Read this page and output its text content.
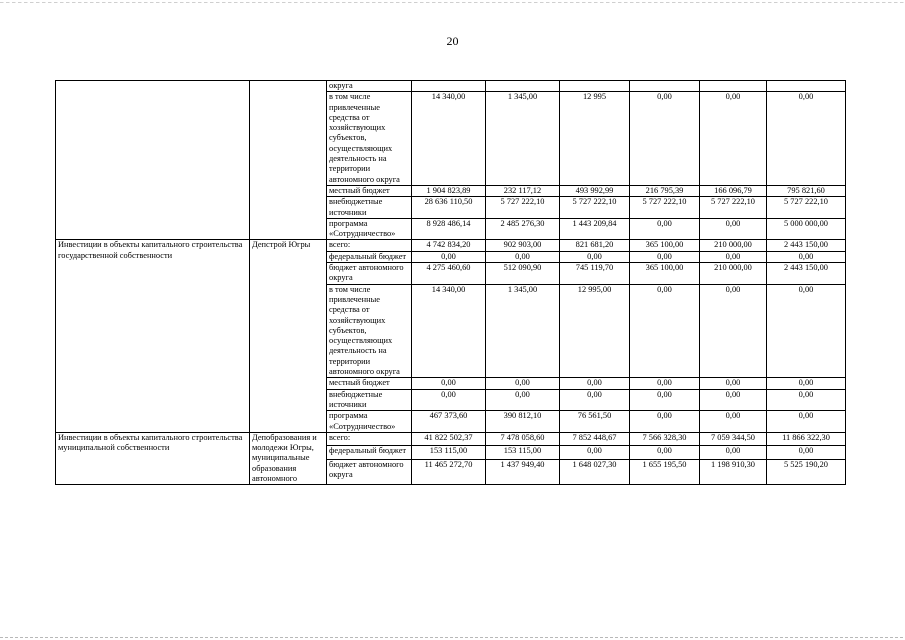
20
		округа						
		в том числе привлеченные средства от хозяйствующих субъектов, осуществляющих деятельность на территории автономного округа	14 340,00	1 345,00	12 995	0,00	0,00	0,00
		местный бюджет	1 904 823,89	232 117,12	493 992,99	216 795,39	166 096,79	795 821,60
		внебюджетные источники	28 636 110,50	5 727 222,10	5 727 222,10	5 727 222,10	5 727 222,10	5 727 222,10
		программа «Сотрудничество»	8 928 486,14	2 485 276,30	1 443 209,84	0,00	0,00	5 000 000,00
Инвестиции в объекты капитального строительства государственной собственности	Депстрой Югры	всего:	4 742 834,20	902 903,00	821 681,20	365 100,00	210 000,00	2 443 150,00
		федеральный бюджет	0,00	0,00	0,00	0,00	0,00	0,00
		бюджет автономного округа	4 275 460,60	512 090,90	745 119,70	365 100,00	210 000,00	2 443 150,00
		в том числе привлеченные средства от хозяйствующих субъектов, осуществляющих деятельность на территории автономного округа	14 340,00	1 345,00	12 995,00	0,00	0,00	0,00
		местный бюджет	0,00	0,00	0,00	0,00	0,00	0,00
		внебюджетные источники	0,00	0,00	0,00	0,00	0,00	0,00
		программа «Сотрудничество»	467 373,60	390 812,10	76 561,50	0,00	0,00	0,00
Инвестиции в объекты капитального строительства муниципальной собственности	Депобразования и молодежи Югры, муниципальные образования автономного	всего:	41 822 502,37	7 478 058,60	7 852 448,67	7 566 328,30	7 059 344,50	11 866 322,30
		федеральный бюджет	153 115,00	153 115,00	0,00	0,00	0,00	0,00
		бюджет автономного округа	11 465 272,70	1 437 949,40	1 648 027,30	1 655 195,50	1 198 910,30	5 525 190,20
